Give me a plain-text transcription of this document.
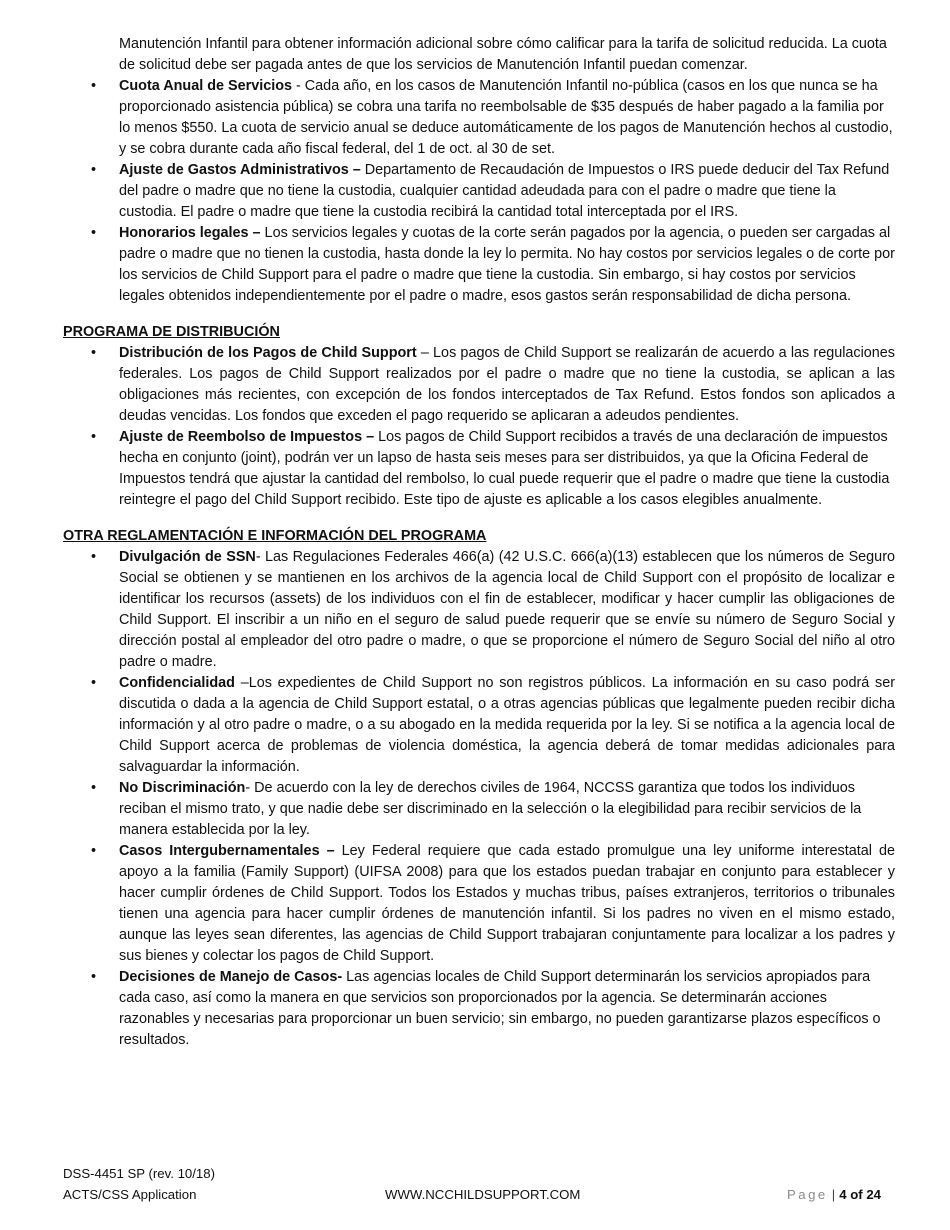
Manutención Infantil para obtener información adicional sobre cómo calificar para la tarifa de solicitud reducida. La cuota de solicitud debe ser pagada antes de que los servicios de Manutención Infantil puedan comenzar.

• Cuota Anual de Servicios - Cada año, en los casos de Manutención Infantil no-pública (casos en los que nunca se ha proporcionado asistencia pública) se cobra una tarifa no reembolsable de $35 después de haber pagado a la familia por lo menos $550. La cuota de servicio anual se deduce automáticamente de los pagos de Manutención hechos al custodio, y se cobra durante cada año fiscal federal, del 1 de oct. al 30 de set.
• Ajuste de Gastos Administrativos – Departamento de Recaudación de Impuestos o IRS puede deducir del Tax Refund del padre o madre que no tiene la custodia, cualquier cantidad adeudada para con el padre o madre que tiene la custodia. El padre o madre que tiene la custodia recibirá la cantidad total interceptada por el IRS.
• Honorarios legales – Los servicios legales y cuotas de la corte serán pagados por la agencia, o pueden ser cargadas al padre o madre que no tienen la custodia, hasta donde la ley lo permita. No hay costos por servicios legales o de corte por los servicios de Child Support para el padre o madre que tiene la custodia. Sin embargo, si hay costos por servicios legales obtenidos independientemente por el padre o madre, esos gastos serán responsabilidad de dicha persona.
PROGRAMA DE DISTRIBUCIÓN
• Distribución de los Pagos de Child Support – Los pagos de Child Support se realizarán de acuerdo a las regulaciones federales. Los pagos de Child Support realizados por el padre o madre que no tiene la custodia, se aplican a las obligaciones más recientes, con excepción de los fondos interceptados de Tax Refund. Estos fondos son aplicados a deudas vencidas. Los fondos que exceden el pago requerido se aplicaran a adeudos pendientes.
• Ajuste de Reembolso de Impuestos – Los pagos de Child Support recibidos a través de una declaración de impuestos hecha en conjunto (joint), podrán ver un lapso de hasta seis meses para ser distribuidos, ya que la Oficina Federal de Impuestos tendrá que ajustar la cantidad del rembolso, lo cual puede requerir que el padre o madre que tiene la custodia reintegre el pago del Child Support recibido. Este tipo de ajuste es aplicable a los casos elegibles anualmente.
OTRA REGLAMENTACIÓN E INFORMACIÓN DEL PROGRAMA
• Divulgación de SSN- Las Regulaciones Federales 466(a) (42 U.S.C. 666(a)(13) establecen que los números de Seguro Social se obtienen y se mantienen en los archivos de la agencia local de Child Support con el propósito de localizar e identificar los recursos (assets) de los individuos con el fin de establecer, modificar y hacer cumplir las obligaciones de Child Support. El inscribir a un niño en el seguro de salud puede requerir que se envíe su número de Seguro Social y dirección postal al empleador del otro padre o madre, o que se proporcione el número de Seguro Social del niño al otro padre o madre.
• Confidencialidad –Los expedientes de Child Support no son registros públicos. La información en su caso podrá ser discutida o dada a la agencia de Child Support estatal, o a otras agencias públicas que legalmente pueden recibir dicha información y al otro padre o madre, o a su abogado en la medida requerida por la ley. Si se notifica a la agencia local de Child Support acerca de problemas de violencia doméstica, la agencia deberá de tomar medidas adicionales para salvaguardar la información.
• No Discriminación- De acuerdo con la ley de derechos civiles de 1964, NCCSS garantiza que todos los individuos reciban el mismo trato, y que nadie debe ser discriminado en la selección o la elegibilidad para recibir servicios de la manera establecida por la ley.
• Casos Intergubernamentales – Ley Federal requiere que cada estado promulgue una ley uniforme interestatal de apoyo a la familia (Family Support) (UIFSA 2008) para que los estados puedan trabajar en conjunto para establecer y hacer cumplir órdenes de Child Support. Todos los Estados y muchas tribus, países extranjeros, territorios o tribunales tienen una agencia para hacer cumplir órdenes de manutención infantil. Si los padres no viven en el mismo estado, aunque las leyes sean diferentes, las agencias de Child Support trabajaran conjuntamente para localizar a los padres y sus bienes y colectar los pagos de Child Support.
• Decisiones de Manejo de Casos- Las agencias locales de Child Support determinarán los servicios apropiados para cada caso, así como la manera en que servicios son proporcionados por la agencia. Se determinarán acciones razonables y necesarias para proporcionar un buen servicio; sin embargo, no pueden garantizarse plazos específicos o resultados.
DSS-4451 SP (rev. 10/18)
ACTS/CSS Application	WWW.NCCHILDSUPPORT.COM	Page | 4 of 24
